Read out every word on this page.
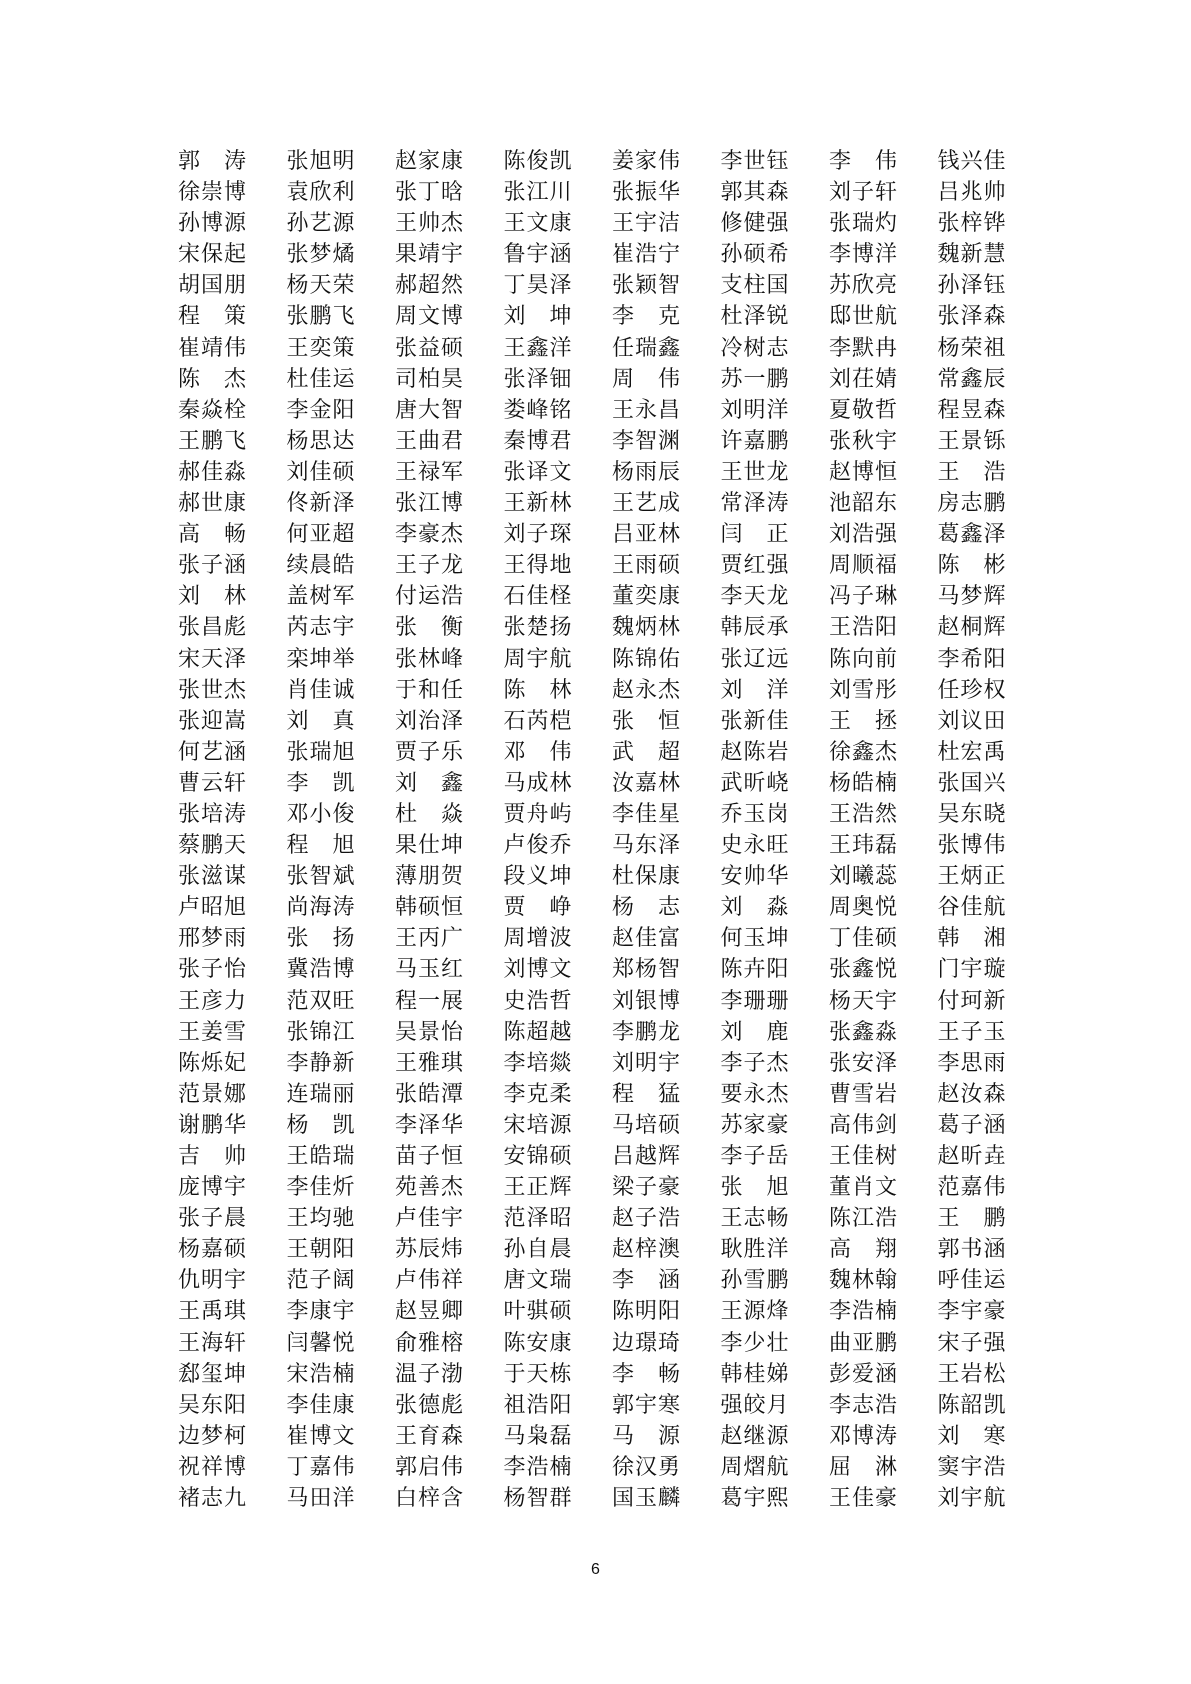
郭　涛	张旭明	赵家康	陈俊凯	姜家伟	李世钰	李　伟	钱兴佳
徐崇博	袁欣利	张丁晗	张江川	张振华	郭其森	刘子轩	吕兆帅
孙博源	孙艺源	王帅杰	王文康	王宇洁	修健强	张瑞灼	张梓铧
宋保起	张梦燏	果靖宇	鲁宇涵	崔浩宁	孙硕希	李博洋	魏新慧
胡国朋	杨天荣	郝超然	丁昊泽	张颖智	支柱国	苏欣亮	孙泽钰
程　策	张鹏飞	周文博	刘　坤	李　克	杜泽锐	邸世航	张泽森
崔靖伟	王奕策	张益硕	王鑫洋	任瑞鑫	冷树志	李默冉	杨荣祖
陈　杰	杜佳运	司柏昊	张泽钿	周　伟	苏一鹏	刘茌婧	常鑫辰
秦焱栓	李金阳	唐大智	娄峰铭	王永昌	刘明洋	夏敬哲	程昱森
王鹏飞	杨思达	王曲君	秦博君	李智渊	许嘉鹏	张秋宇	王景铄
郝佳淼	刘佳硕	王禄军	张译文	杨雨辰	王世龙	赵博恒	王　浩
郝世康	佟新泽	张江博	王新林	王艺成	常泽涛	池韶东	房志鹏
高　畅	何亚超	李豪杰	刘子琛	吕亚林	闫　正	刘浩强	葛鑫泽
张子涵	续晨皓	王子龙	王得地	王雨硕	贾红强	周顺福	陈　彬
刘　林	盖树军	付运浩	石佳柽	董奕康	李天龙	冯子琳	马梦辉
张昌彪	芮志宇	张　衡	张楚扬	魏炳林	韩辰承	王浩阳	赵桐辉
宋天泽	栾坤举	张林峰	周宇航	陈锦佑	张辽远	陈向前	李希阳
张世杰	肖佳诚	于和任	陈　林	赵永杰	刘　洋	刘雪彤	任珍权
张迎嵩	刘　真	刘治泽	石芮桤	张　恒	张新佳	王　拯	刘议田
何艺涵	张瑞旭	贾子乐	邓　伟	武　超	赵陈岩	徐鑫杰	杜宏禹
曹云轩	李　凯	刘　鑫	马成林	汝嘉林	武昕峣	杨皓楠	张国兴
张培涛	邓小俊	杜　焱	贾舟屿	李佳星	乔玉岗	王浩然	吴东晓
蔡鹏天	程　旭	果仕坤	卢俊乔	马东泽	史永旺	王玮磊	张博伟
张滋谋	张智斌	薄朋贺	段义坤	杜保康	安帅华	刘曦蕊	王炳正
卢昭旭	尚海涛	韩硕恒	贾　峥	杨　志	刘　淼	周奥悦	谷佳航
邢梦雨	张　扬	王丙广	周增波	赵佳富	何玉坤	丁佳硕	韩　湘
张子怡	冀浩博	马玉红	刘博文	郑杨智	陈卉阳	张鑫悦	门宇璇
王彦力	范双旺	程一展	史浩哲	刘银博	李珊珊	杨天宇	付珂新
王姜雪	张锦江	吴景怡	陈超越	李鹏龙	刘　鹿	张鑫淼	王子玉
陈烁妃	李静新	王雅琪	李培燚	刘明宇	李子杰	张安泽	李思雨
范景娜	连瑞丽	张皓潭	李克柔	程　猛	要永杰	曹雪岩	赵汝森
谢鹏华	杨　凯	李泽华	宋培源	马培硕	苏家豪	高伟剑	葛子涵
吉　帅	王皓瑞	苗子恒	安锦硕	吕越辉	李子岳	王佳树	赵昕垚
庞博宇	李佳炘	苑善杰	王正辉	梁子豪	张　旭	董肖文	范嘉伟
张子晨	王均驰	卢佳宇	范泽昭	赵子浩	王志畅	陈江浩	王　鹏
杨嘉硕	王朝阳	苏辰炜	孙自晨	赵梓澳	耿胜洋	高　翔	郭书涵
仇明宇	范子阔	卢伟祥	唐文瑞	李　涵	孙雪鹏	魏林翰	呼佳运
王禹琪	李康宇	赵昱卿	叶骐硕	陈明阳	王源烽	李浩楠	李宇豪
王海轩	闫馨悦	俞雅榕	陈安康	边璟琦	李少壮	曲亚鹏	宋子强
郄玺坤	宋浩楠	温子渤	于天栋	李　畅	韩桂娣	彭爱涵	王岩松
吴东阳	李佳康	张德彪	祖浩阳	郭宇寒	强皎月	李志浩	陈韶凯
边梦柯	崔博文	王育森	马枭磊	马　源	赵继源	邓博涛	刘　寒
祝祥博	丁嘉伟	郭启伟	李浩楠	徐汉勇	周熠航	屈　淋	窦宇浩
褚志九	马田洋	白梓含	杨智群	国玉麟	葛宇熙	王佳豪	刘宇航
6
